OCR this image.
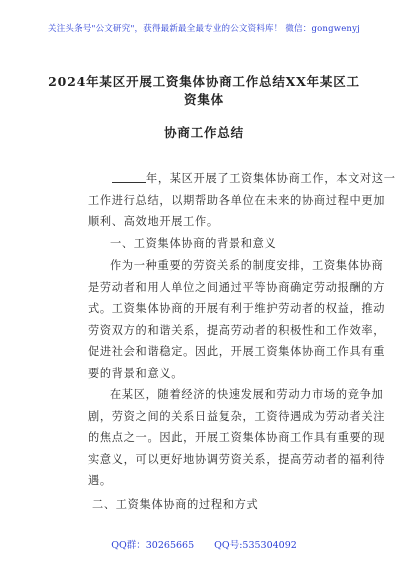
关注头条号"公文研究"，获得最新最全最专业的公文资料库！ 微信：gongwenyj
2024年某区开展工资集体协商工作总结XX年某区工资集体
协商工作总结
年，某区开展了工资集体协商工作，本文对这一
工作进行总结，以期帮助各单位在未来的协商过程中更加
顺利、高效地开展工作。
一、工资集体协商的背景和意义
作为一种重要的劳资关系的制度安排，工资集体协商
是劳动者和用人单位之间通过平等协商确定劳动报酬的方
式。工资集体协商的开展有利于维护劳动者的权益，推动
劳资双方的和谐关系，提高劳动者的积极性和工作效率，
促进社会和谐稳定。因此，开展工资集体协商工作具有重
要的背景和意义。
在某区，随着经济的快速发展和劳动力市场的竞争加
剧，劳资之间的关系日益复杂，工资待遇成为劳动者关注
的焦点之一。因此，开展工资集体协商工作具有重要的现
实意义，可以更好地协调劳资关系，提高劳动者的福利待
遇。
二、工资集体协商的过程和方式
QQ群：30265665 QQ号:535304092
